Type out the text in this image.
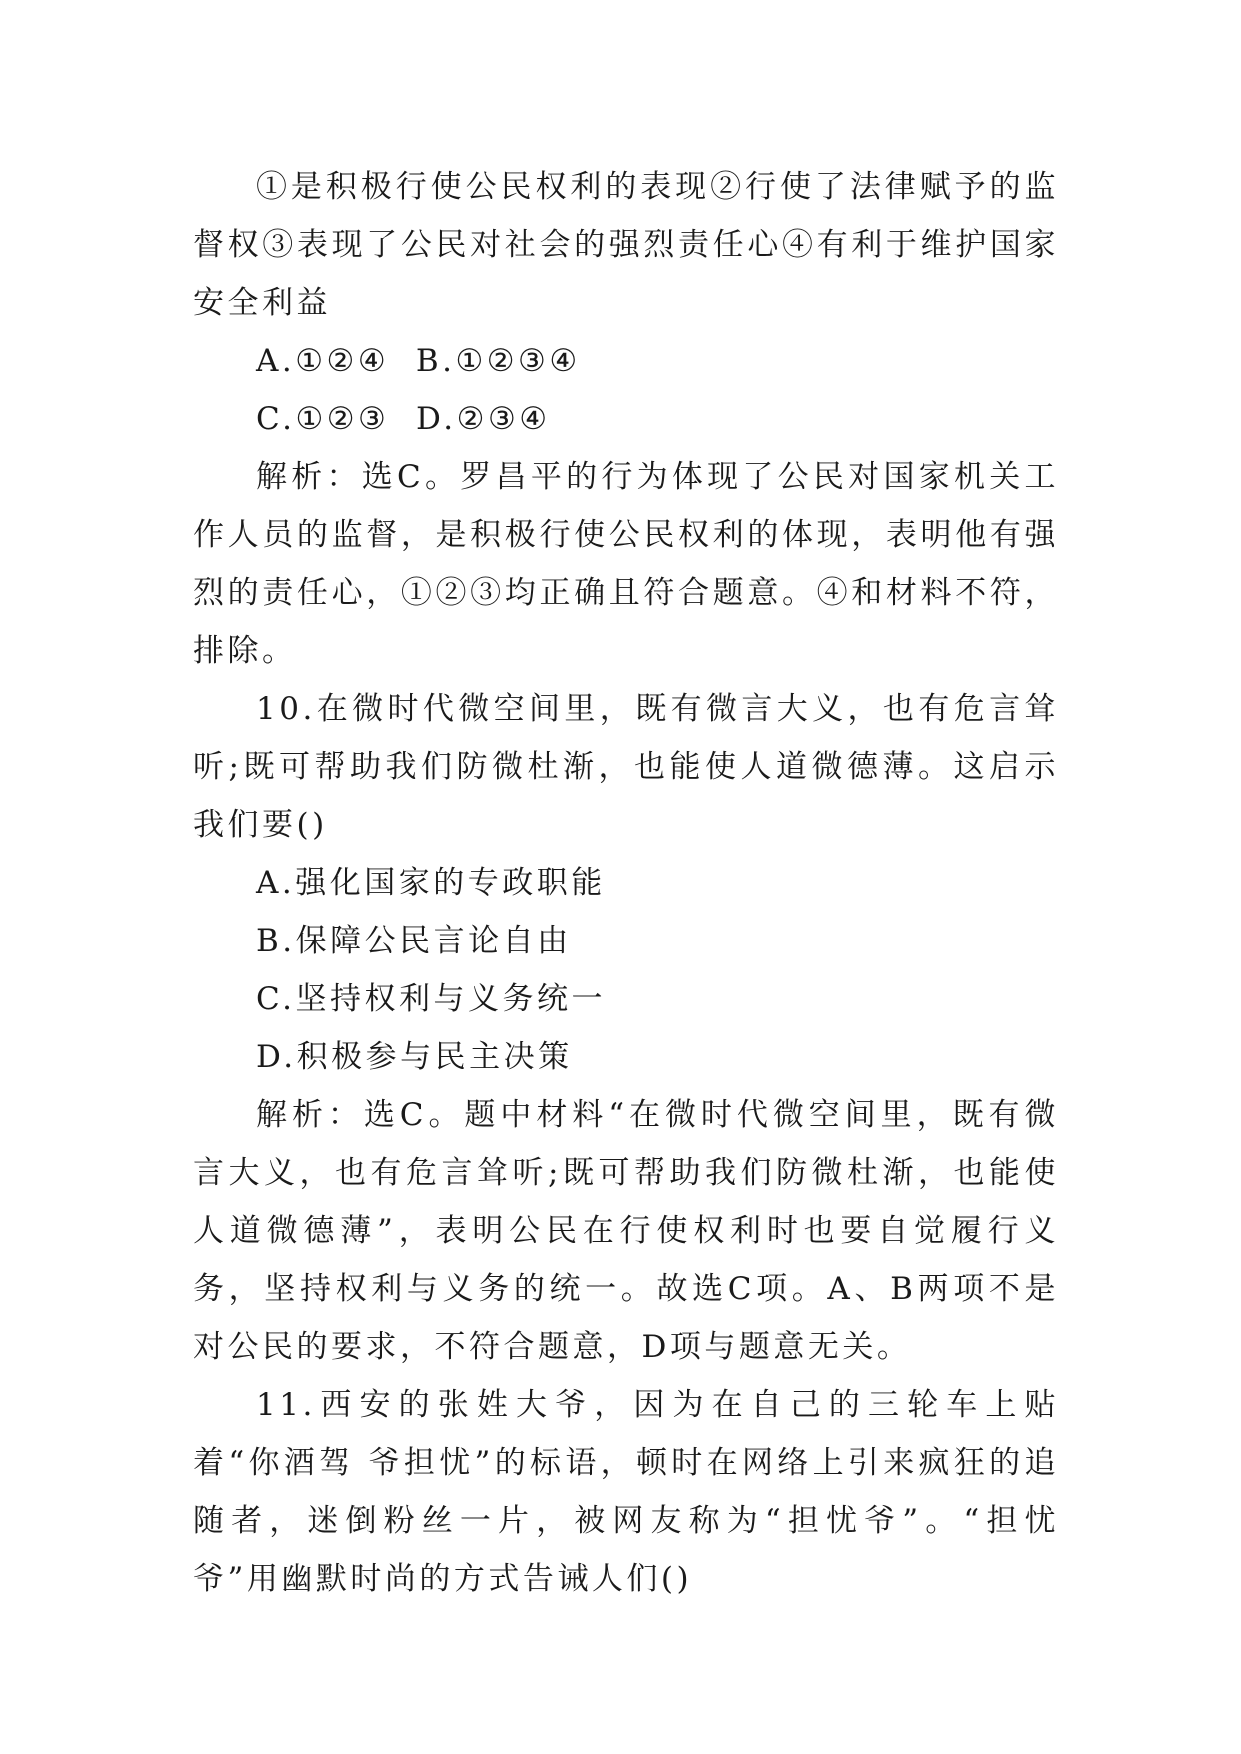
①是积极行使公民权利的表现②行使了法律赋予的监督权③表现了公民对社会的强烈责任心④有利于维护国家安全利益

A.①②④  B.①②③④

C.①②③  D.②③④

解析：选C。罗昌平的行为体现了公民对国家机关工作人员的监督，是积极行使公民权利的体现，表明他有强烈的责任心，①②③均正确且符合题意。④和材料不符，排除。

10.在微时代微空间里，既有微言大义，也有危言耸听;既可帮助我们防微杜渐，也能使人道微德薄。这启示我们要()

A.强化国家的专政职能

B.保障公民言论自由

C.坚持权利与义务统一

D.积极参与民主决策

解析：选C。题中材料“在微时代微空间里，既有微言大义，也有危言耸听;既可帮助我们防微杜渐，也能使人道微德薄”，表明公民在行使权利时也要自觉履行义务，坚持权利与义务的统一。故选C项。A、B两项不是对公民的要求，不符合题意，D项与题意无关。

11.西安的张姓大爷，因为在自己的三轮车上贴着“你酒驾 爷担忧”的标语，顿时在网络上引来疯狂的追随者，迷倒粉丝一片，被网友称为“担忧爷”。“担忧爷”用幽默时尚的方式告诫人们()
